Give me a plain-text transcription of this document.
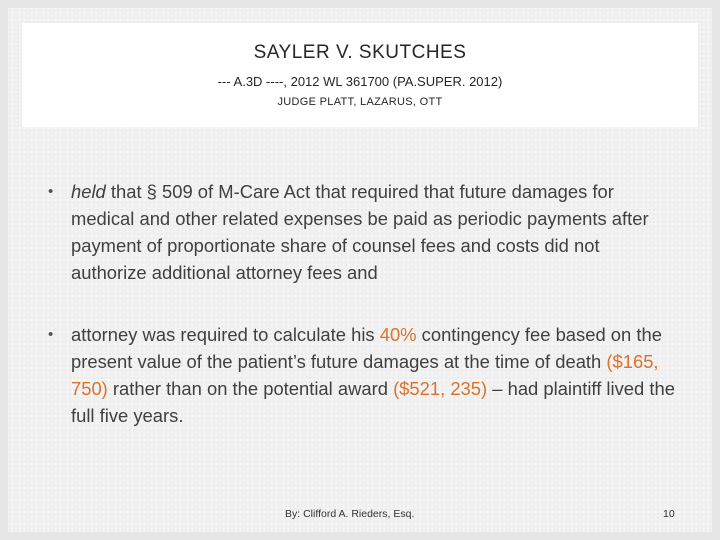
SAYLER V. SKUTCHES

--- A.3D ----, 2012 WL 361700 (PA.SUPER. 2012)

JUDGE PLATT, LAZARUS, OTT

• held that § 509 of M-Care Act that required that future damages for medical and other related expenses be paid as periodic payments after payment of proportionate share of counsel fees and costs did not authorize additional attorney fees and
• attorney was required to calculate his 40% contingency fee based on the present value of the patient’s future damages at the time of death ($165, 750) rather than on the potential award ($521, 235) – had plaintiff lived the full five years.
By: Clifford A. Rieders, Esq.	10
